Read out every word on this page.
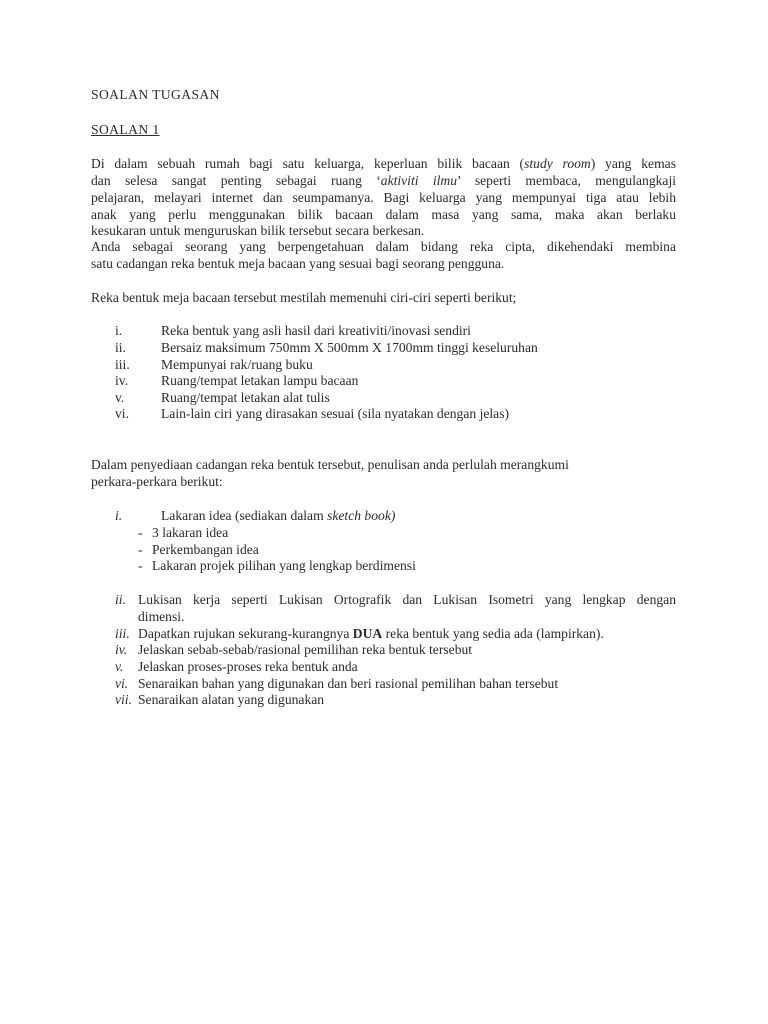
SOALAN TUGASAN
SOALAN 1
Di dalam sebuah rumah bagi satu keluarga, keperluan bilik bacaan (study room) yang kemas
dan selesa sangat penting sebagai ruang ‘aktiviti ilmu’ seperti membaca, mengulangkaji
pelajaran, melayari internet dan seumpamanya. Bagi keluarga yang mempunyai tiga atau lebih
anak yang perlu menggunakan bilik bacaan dalam masa yang sama, maka akan berlaku
kesukaran untuk menguruskan bilik tersebut secara berkesan.
Anda sebagai seorang yang berpengetahuan dalam bidang reka cipta, dikehendaki membina
satu cadangan reka bentuk meja bacaan yang sesuai bagi seorang pengguna.
Reka bentuk meja bacaan tersebut mestilah memenuhi ciri-ciri seperti berikut;
i.	Reka bentuk yang asli hasil dari kreativiti/inovasi sendiri
ii.	Bersaiz maksimum 750mm X 500mm X 1700mm tinggi keseluruhan
iii. Mempunyai rak/ruang buku
iv. Ruang/tempat letakan lampu bacaan
v.	Ruang/tempat letakan alat tulis
vi. Lain-lain ciri yang dirasakan sesuai (sila nyatakan dengan jelas)
Dalam penyediaan cadangan reka bentuk tersebut, penulisan anda perlulah merangkumi
perkara-perkara berikut:
i.	Lakaran idea (sediakan dalam sketch book)
- 3 lakaran idea
- Perkembangan idea
- Lakaran projek pilihan yang lengkap berdimensi
ii. Lukisan kerja seperti Lukisan Ortografik dan Lukisan Isometri yang lengkap dengan
dimensi.
iii. Dapatkan rujukan sekurang-kurangnya DUA reka bentuk yang sedia ada (lampirkan).
iv. Jelaskan sebab-sebab/rasional pemilihan reka bentuk tersebut
v. Jelaskan proses-proses reka bentuk anda
vi. Senaraikan bahan yang digunakan dan beri rasional pemilihan bahan tersebut
vii. Senaraikan alatan yang digunakan
